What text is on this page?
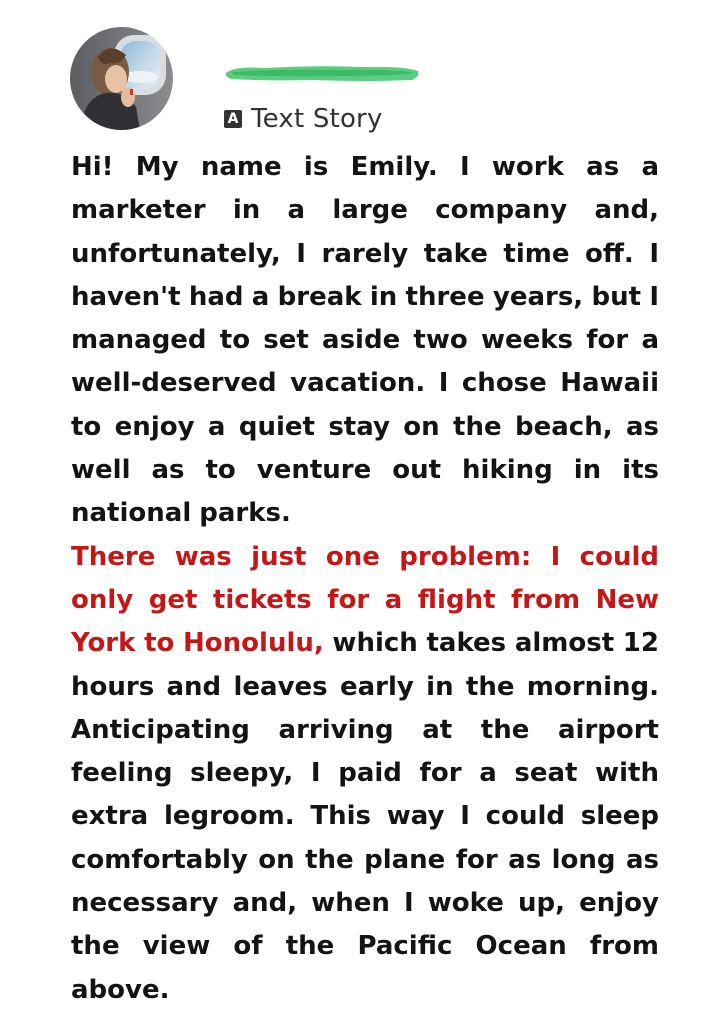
A Text Story

Hi! My name is Emily. I work as a marketer in a large company and, unfortunately, I rarely take time off. I haven't had a break in three years, but I managed to set aside two weeks for a well-deserved vacation. I chose Hawaii to enjoy a quiet stay on the beach, as well as to venture out hiking in its national parks.

There was just one problem: I could only get tickets for a flight from New York to Honolulu, which takes almost 12 hours and leaves early in the morning. Anticipating arriving at the airport feeling sleepy, I paid for a seat with extra legroom. This way I could sleep comfortably on the plane for as long as necessary and, when I woke up, enjoy the view of the Pacific Ocean from above.
